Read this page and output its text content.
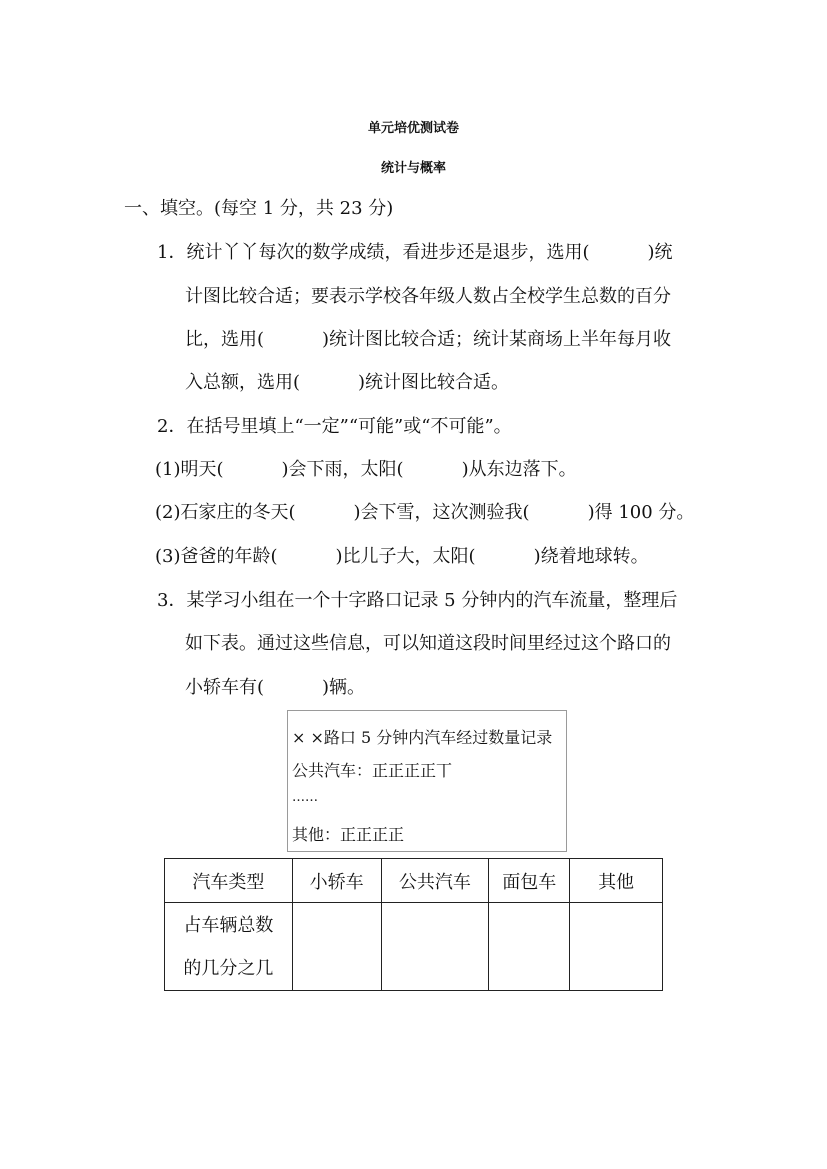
单元培优测试卷
统计与概率
一、填空。(每空 1 分，共 23 分)
1．统计丫丫每次的数学成绩，看进步还是退步，选用(	)统
计图比较合适；要表示学校各年级人数占全校学生总数的百分
比，选用(	)统计图比较合适；统计某商场上半年每月收
入总额，选用(	)统计图比较合适。
2．在括号里填上“一定”“可能”或“不可能”。
(1)明天(	)会下雨，太阳(	)从东边落下。
(2)石家庄的冬天(	)会下雪，这次测验我(	)得 100 分。
(3)爸爸的年龄(	)比儿子大，太阳(	)绕着地球转。
3．某学习小组在一个十字路口记录 5 分钟内的汽车流量，整理后
如下表。通过这些信息，可以知道这段时间里经过这个路口的
小轿车有(	)辆。
× ×路口 5 分钟内汽车经过数量记录
公共汽车：正正正正丅
……
其他：正正正正
汽车类型	小轿车	公共汽车	面包车	其他

占车辆总数
的几分之几				
